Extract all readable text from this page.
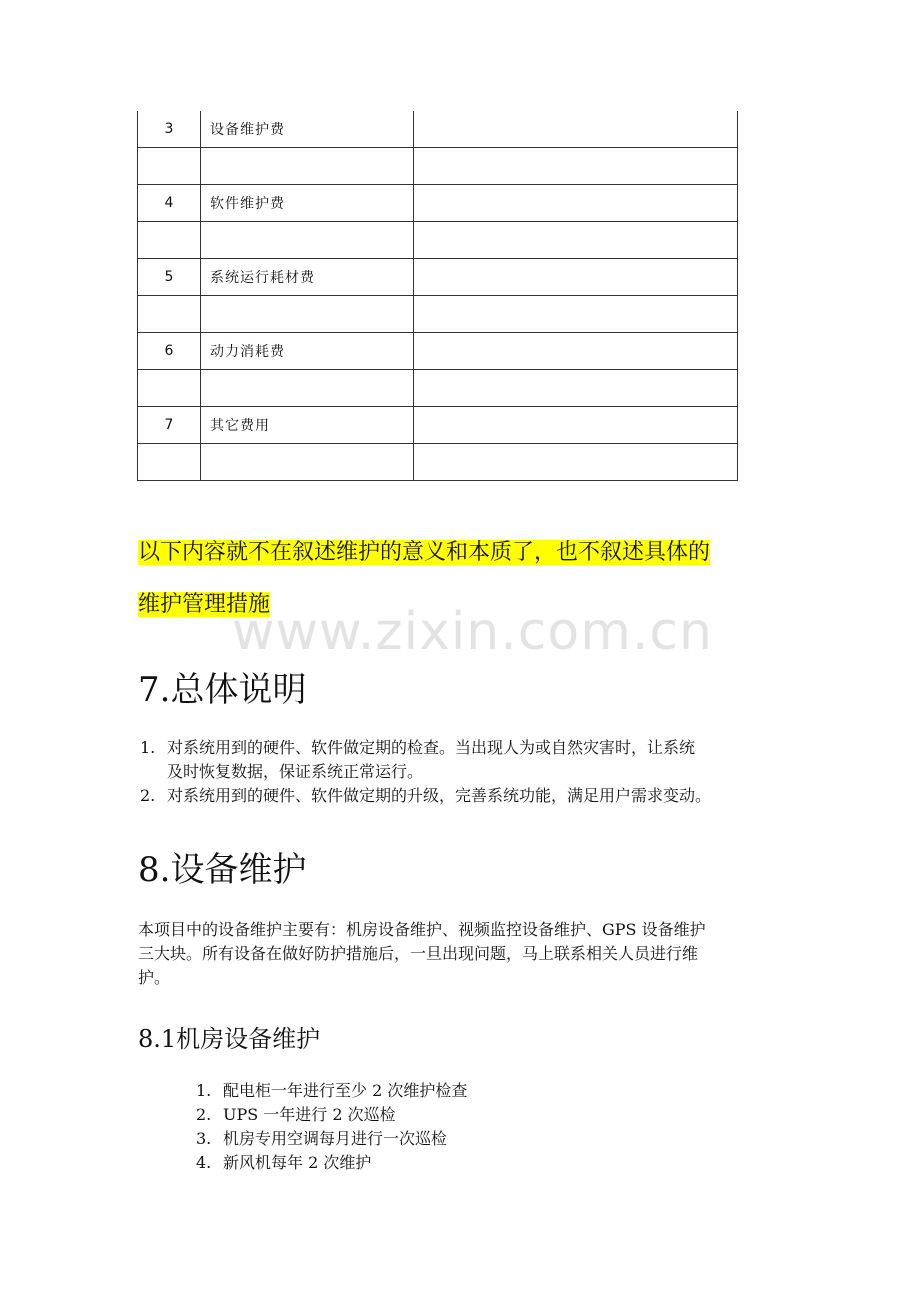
3	设备维护费	

4	软件维护费	

5	系统运行耗材费	

6	动力消耗费	

7	其它费用	

以下内容就不在叙述维护的意义和本质了，也不叙述具体的
维护管理措施
www.zixin.com.cn
7.总体说明
1. 对系统用到的硬件、软件做定期的检查。当出现人为或自然灾害时，让系统
及时恢复数据，保证系统正常运行。
2. 对系统用到的硬件、软件做定期的升级，完善系统功能，满足用户需求变动。
8.设备维护
本项目中的设备维护主要有：机房设备维护、视频监控设备维护、GPS 设备维护
三大块。所有设备在做好防护措施后，一旦出现问题，马上联系相关人员进行维
护。
8.1机房设备维护
1. 配电柜一年进行至少 2 次维护检查
2. UPS 一年进行 2 次巡检
3. 机房专用空调每月进行一次巡检
4. 新风机每年 2 次维护
